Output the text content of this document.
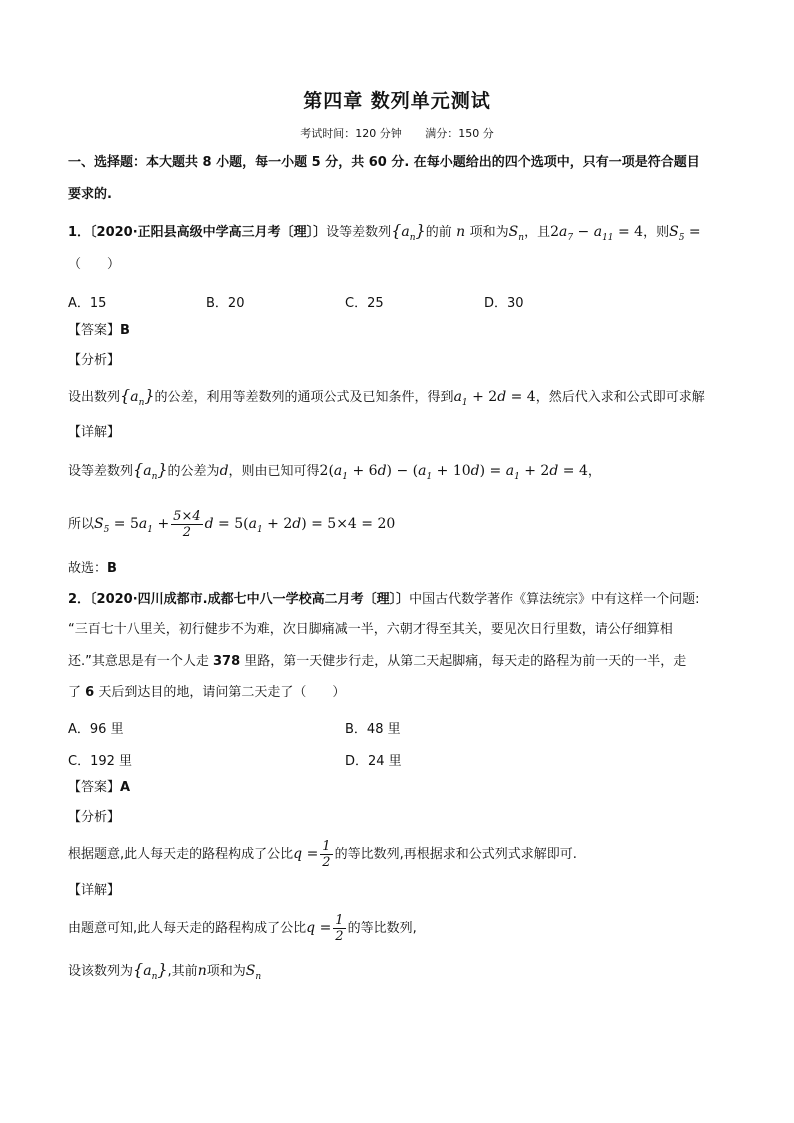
第四章 数列单元测试
考试时间：120 分钟 满分：150 分
一、选择题：本大题共 8 小题，每一小题 5 分，共 60 分. 在每小题给出的四个选项中，只有一项是符合题目
要求的.
1．〔2020·正阳县高级中学高三月考〔理〕〕设等差数列$\{a_n\}$的前 n 项和为$S_n$，且$2a_7 - a_{11} = 4$，则$S_5$ =
（　　）
A．15	B．20	C．25	D．30
【答案】B
【分析】
设出数列$\{a_n\}$的公差，利用等差数列的通项公式及已知条件，得到$a_1 + 2d = 4$，然后代入求和公式即可求解
【详解】
设等差数列$\{a_n\}$的公差为d，则由已知可得$2(a_1 + 6d) - (a_1 + 10d) = a_1 + 2d = 4$，
所以$S_5 = 5a_1 + \frac{5\times 4}{2}$ $d = 5(a_1 + 2d) = 5\times 4 = 20$
故选：B
2．〔2020·四川成都市.成都七中八一学校高二月考〔理〕〕中国古代数学著作《算法统宗》中有这样一个问题:
“三百七十八里关，初行健步不为难，次日脚痛减一半，六朝才得至其关，要见次日行里数，请公仔细算相
还.”其意思是有一个人走 378 里路，第一天健步行走，从第二天起脚痛，每天走的路程为前一天的一半，走
了 6 天后到达目的地，请问第二天走了（　　）
A．96 里	B．48 里
C．192 里	D．24 里
【答案】A
【分析】
根据题意,此人每天走的路程构成了公比$q = \frac{1}{2}$ 的等比数列,再根据求和公式列式求解即可.
【详解】
由题意可知,此人每天走的路程构成了公比$q = \frac{1}{2}$ 的等比数列,
设该数列为$\{a_n\}$,其前n项和为$S_n$
